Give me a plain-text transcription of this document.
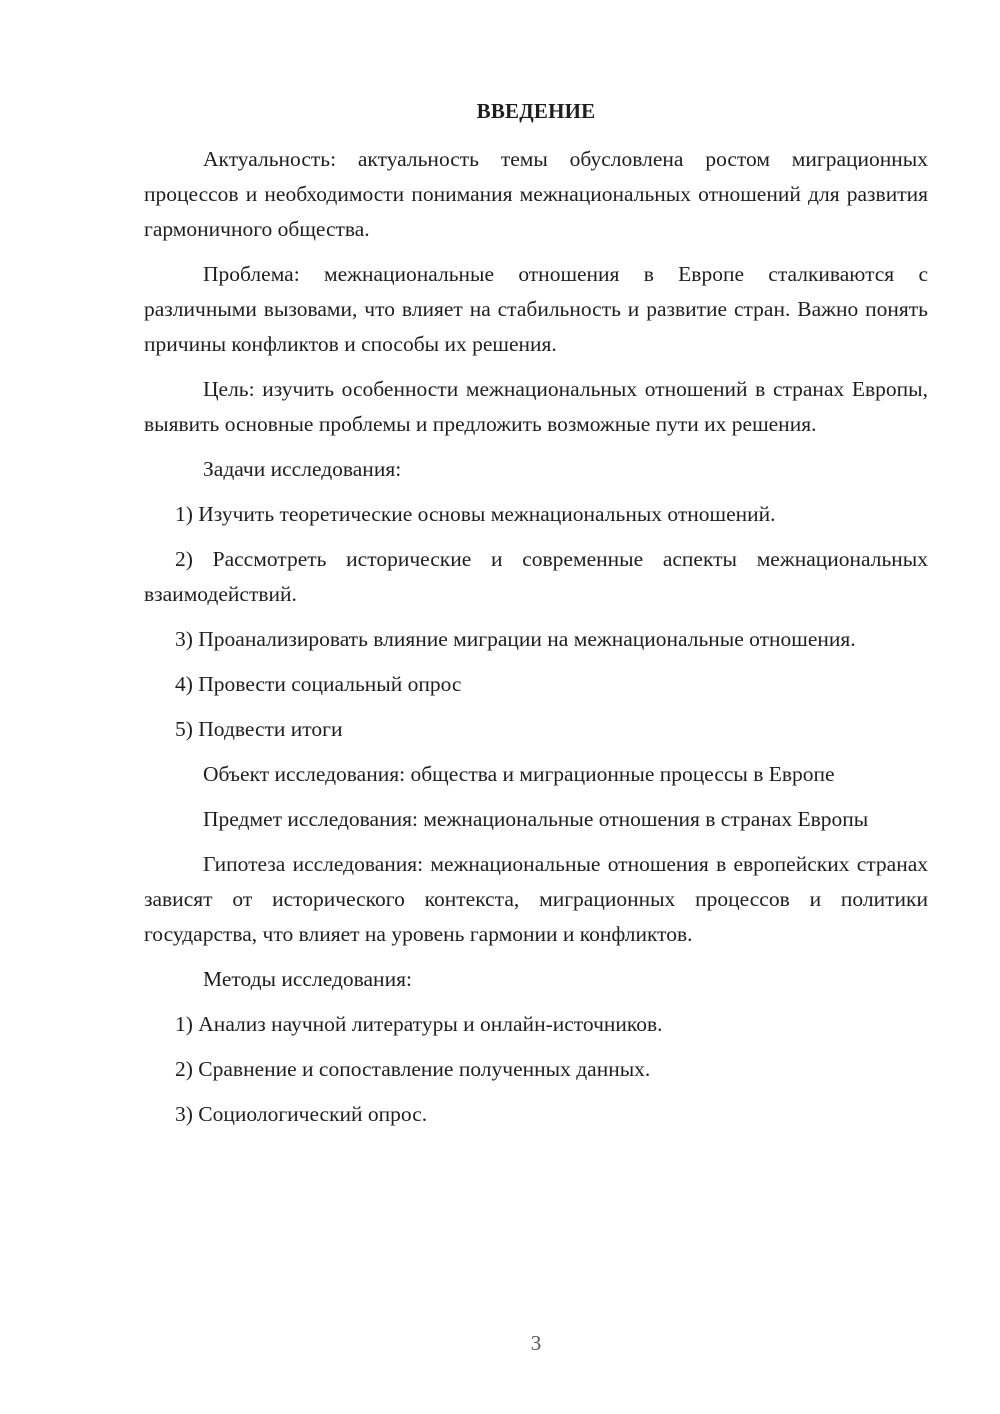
ВВЕДЕНИЕ

Актуальность: актуальность темы обусловлена ростом миграционных процессов и необходимости понимания межнациональных отношений для развития гармоничного общества.

Проблема: межнациональные отношения в Европе сталкиваются с различными вызовами, что влияет на стабильность и развитие стран. Важно понять причины конфликтов и способы их решения.

Цель: изучить особенности межнациональных отношений в странах Европы, выявить основные проблемы и предложить возможные пути их решения.

Задачи исследования:

1) Изучить теоретические основы межнациональных отношений.

2) Рассмотреть исторические и современные аспекты межнациональных взаимодействий.

3) Проанализировать влияние миграции на межнациональные отношения.

4) Провести социальный опрос

5) Подвести итоги

Объект исследования: общества и миграционные процессы в Европе

Предмет исследования: межнациональные отношения в странах Европы

Гипотеза исследования: межнациональные отношения в европейских странах зависят от исторического контекста, миграционных процессов и политики государства, что влияет на уровень гармонии и конфликтов.

Методы исследования:

1) Анализ научной литературы и онлайн-источников.

2) Сравнение и сопоставление полученных данных.

3) Социологический опрос.

3
